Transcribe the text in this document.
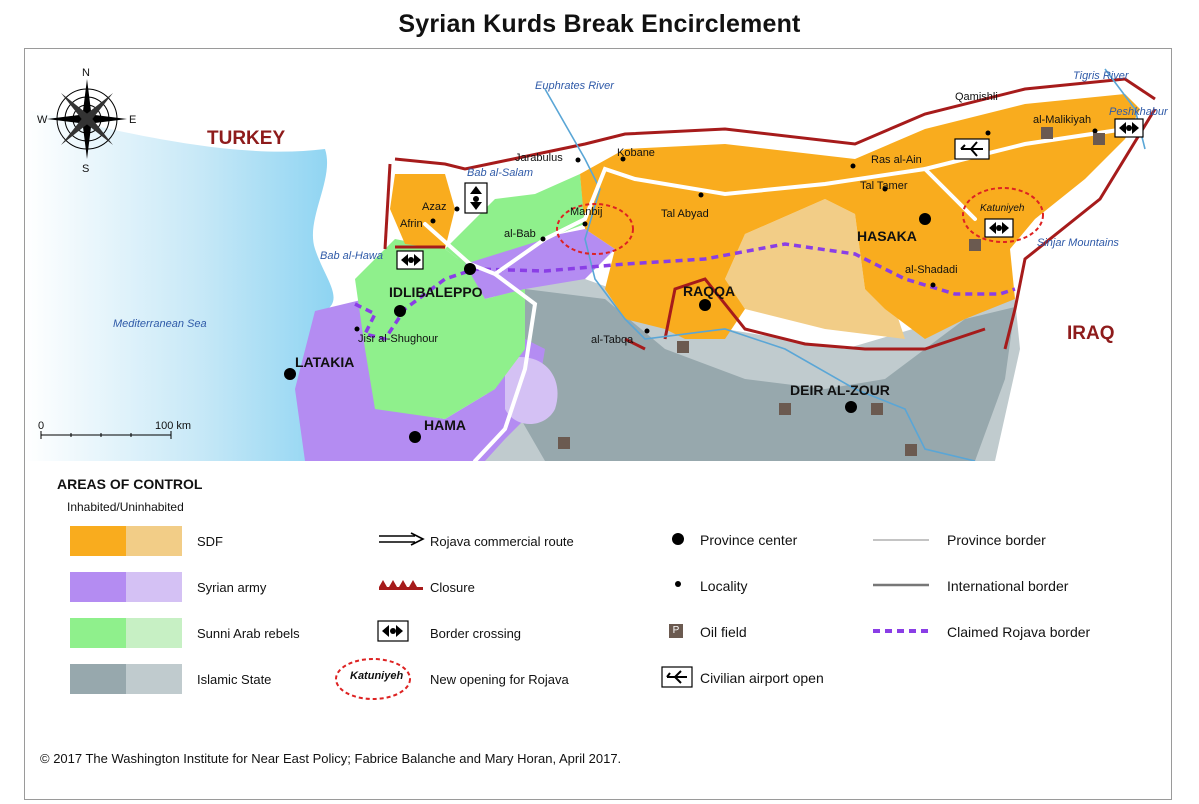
Syrian Kurds Break Encirclement
N
S
E
W
0	100 km
TURKEY
IRAQ
Mediterranean Sea
Euphrates River
Tigris River
IDLIB ALEPPO
LATAKIA
HAMA
RAQQA
HASAKA
DEIR AL-ZOUR
Azaz
Afrin
Jarabulus	Kobane
Manbij
al-Bab
Tal Abyad
Ras al-Ain
Tal Tamer
Qamishli
al-Malikiyah
al-Shadadi
al-Tabqa
Jisr al-Shughour
Bab al-Salam
Bab al-Hawa
Peshkhabur
Katuniyeh
Sinjar Mountains
AREAS OF CONTROL
Inhabited/Uninhabited
SDF
Syrian army
Sunni Arab rebels
Islamic State
Rojava commercial route
Closure
Border crossing
Katuniyeh New opening for Rojava
Province center
Locality
P Oil field
Civilian airport open
Province border
International border
Claimed Rojava border
© 2017 The Washington Institute for Near East Policy; Fabrice Balanche and Mary Horan, April 2017.
